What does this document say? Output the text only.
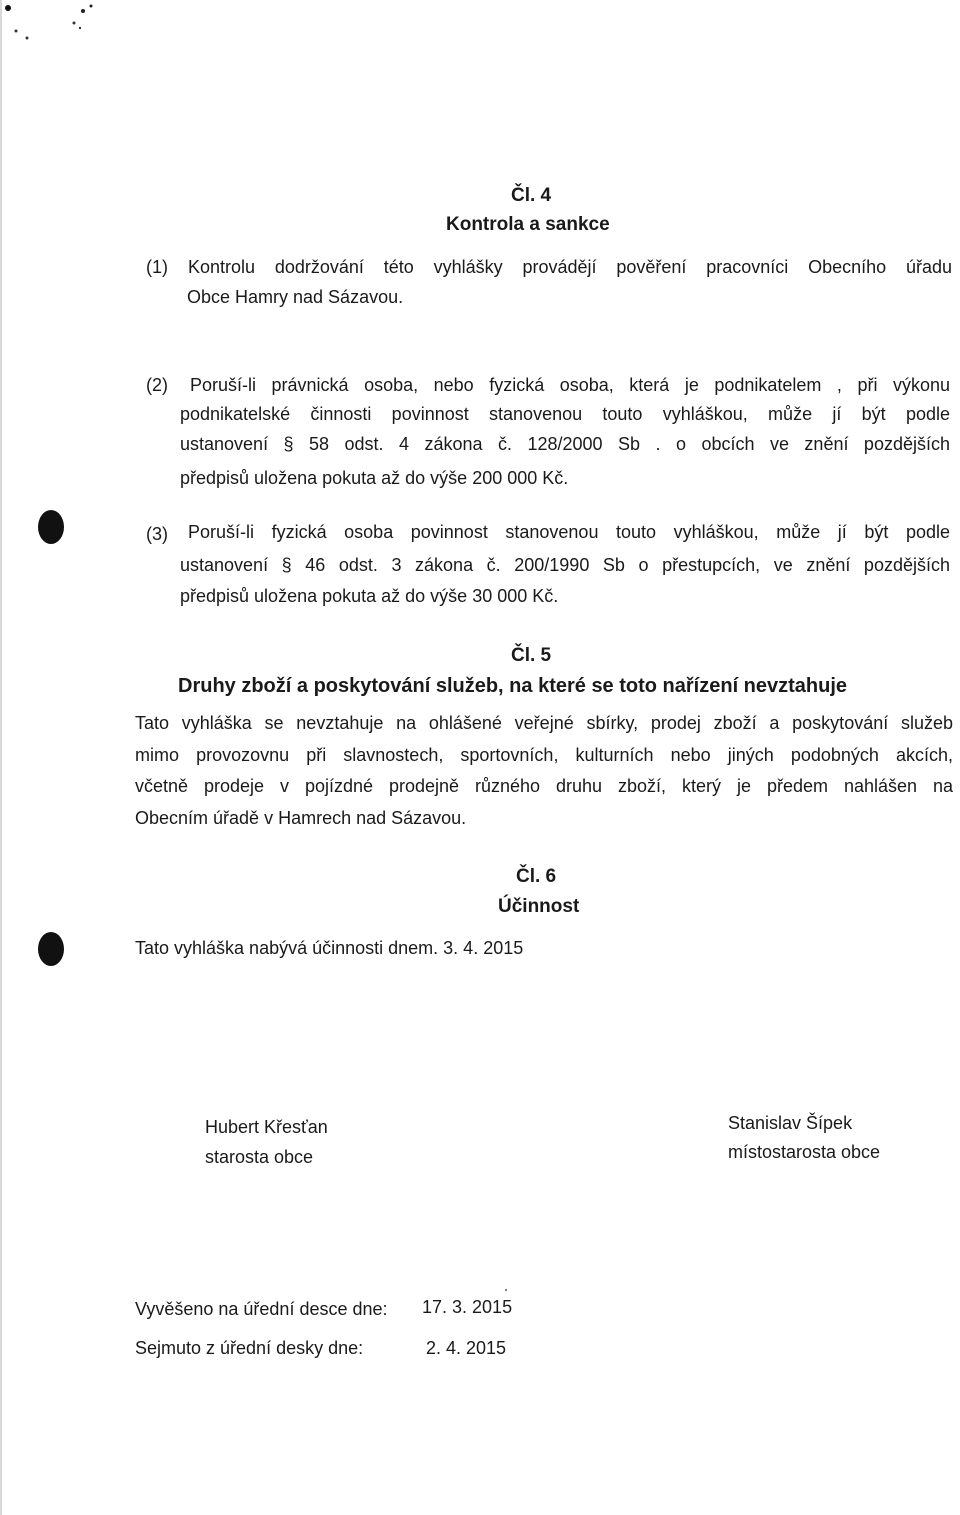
Čl. 4
Kontrola a sankce
(1) Kontrolu dodržování této vyhlášky provádějí pověření pracovníci Obecního úřadu
Obce Hamry nad Sázavou.
(2) Poruší-li právnická osoba, nebo fyzická osoba, která je podnikatelem , při výkonu
podnikatelské činnosti povinnost stanovenou touto vyhláškou, může jí být podle
ustanovení § 58 odst. 4 zákona č. 128/2000 Sb . o obcích ve znění pozdějších
předpisů uložena pokuta až do výše 200 000 Kč.
(3) Poruší-li fyzická osoba povinnost stanovenou touto vyhláškou, může jí být podle
ustanovení § 46 odst. 3 zákona č. 200/1990 Sb o přestupcích, ve znění pozdějších
předpisů uložena pokuta až do výše 30 000 Kč.
Čl. 5
Druhy zboží a poskytování služeb, na které se toto nařízení nevztahuje
Tato vyhláška se nevztahuje na ohlášené veřejné sbírky, prodej zboží a poskytování služeb
mimo provozovnu při slavnostech, sportovních, kulturních nebo jiných podobných akcích,
včetně prodeje v pojízdné prodejně různého druhu zboží, který je předem nahlášen na
Obecním úřadě v Hamrech nad Sázavou.
Čl. 6
Účinnost
Tato vyhláška nabývá účinnosti dnem. 3. 4. 2015
Hubert Křesťan
starosta obce
Stanislav Šípek
místostarosta obce
Vyvěšeno na úřední desce dne: 17. 3. 2015
Sejmuto z úřední desky dne:	2. 4. 2015
